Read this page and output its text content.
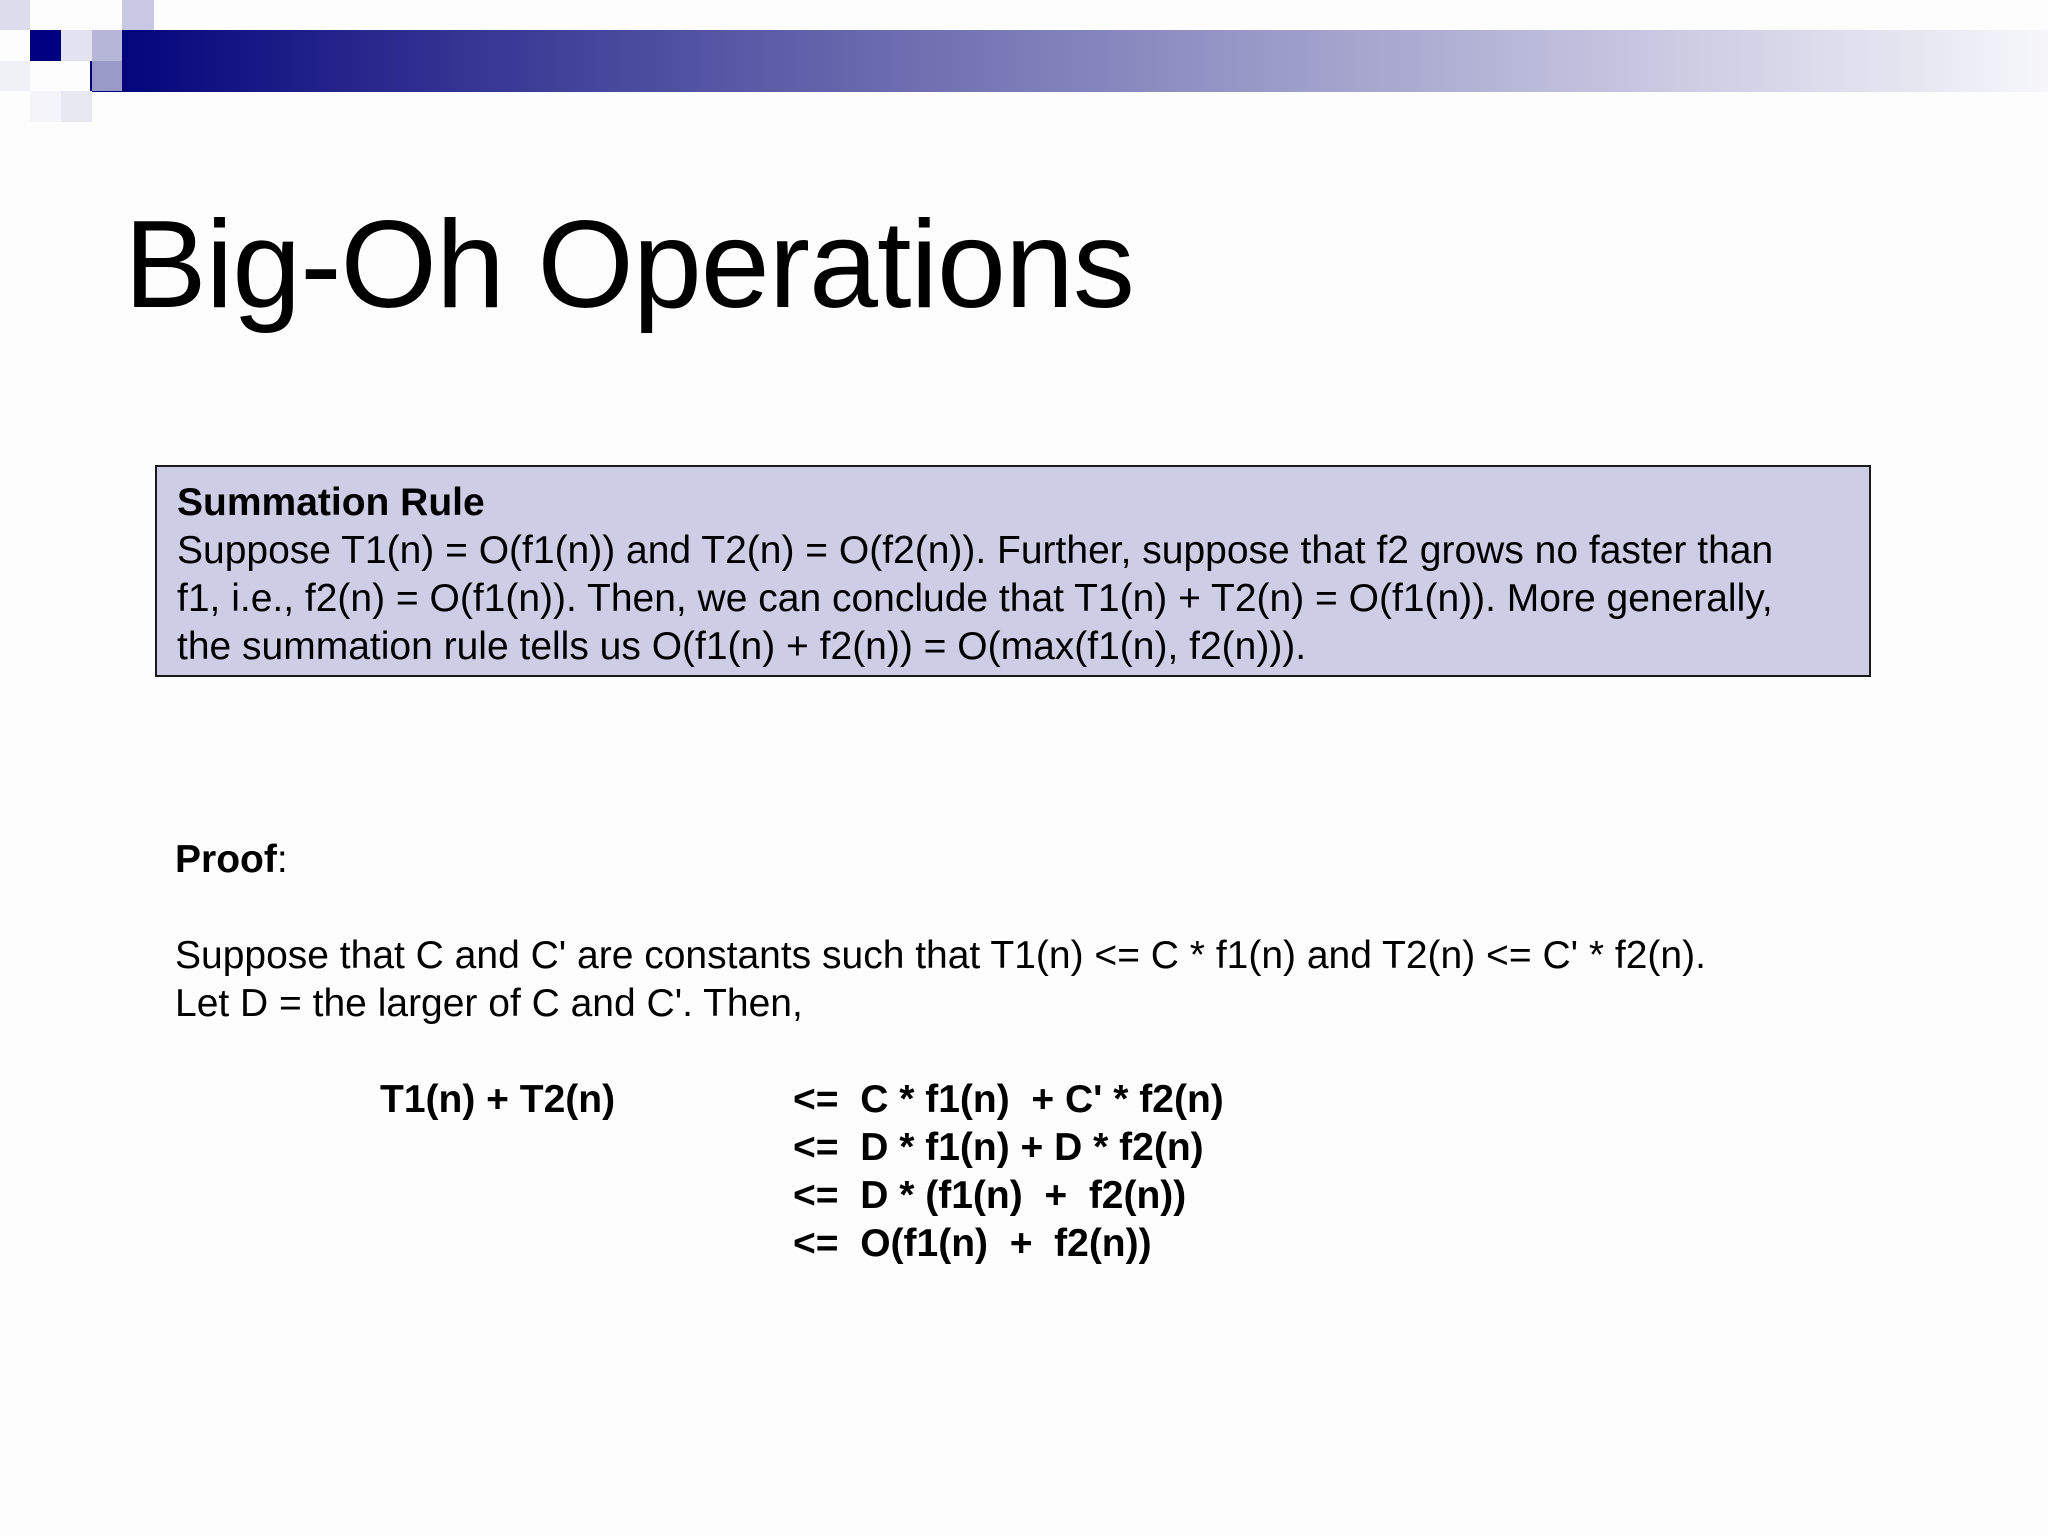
Big-Oh Operations
Summation Rule
Suppose T1(n) = O(f1(n)) and T2(n) = O(f2(n)). Further, suppose that f2 grows no faster than
f1, i.e., f2(n) = O(f1(n)). Then, we can conclude that T1(n) + T2(n) = O(f1(n)). More generally,
the summation rule tells us O(f1(n) + f2(n)) = O(max(f1(n), f2(n))).
Proof:
Suppose that C and C' are constants such that T1(n) <= C * f1(n) and T2(n) <= C' * f2(n).
Let D = the larger of C and C'. Then,
T1(n) + T2(n)	<=  C * f1(n)  + C' * f2(n)
<=  D * f1(n) + D * f2(n)
<=  D * (f1(n)  +  f2(n))
<=  O(f1(n)  +  f2(n))
